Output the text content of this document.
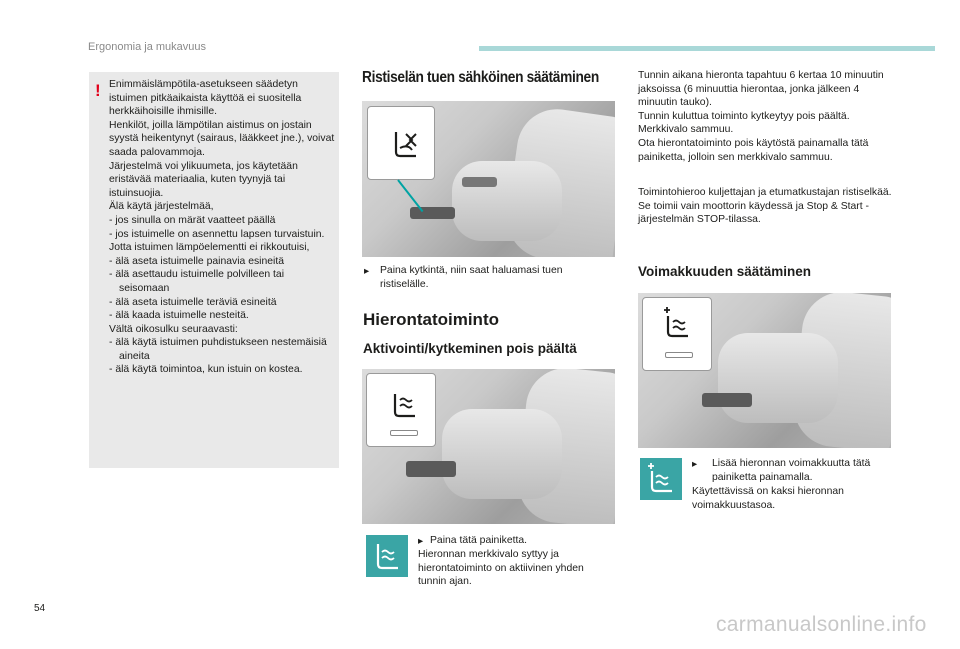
Ergonomia ja mukavuus
! Enimmäislämpötila-asetukseen säädetyn istuimen pitkäaikaista käyttöä ei suositella herkkäihoisille ihmisille.

Henkilöt, joilla lämpötilan aistimus on jostain syystä heikentynyt (sairaus, lääkkeet jne.), voivat saada palovammoja.

Järjestelmä voi ylikuumeta, jos käytetään eristävää materiaalia, kuten tyynyjä tai istuinsuojia.

Älä käytä järjestelmää,

- jos sinulla on märät vaatteet päällä

- jos istuimelle on asennettu lapsen turvaistuin.

Jotta istuimen lämpöelementti ei rikkoutuisi,

- älä aseta istuimelle painavia esineitä

- älä asettaudu istuimelle polvilleen tai seisomaan

- älä aseta istuimelle teräviä esineitä

- älä kaada istuimelle nesteitä.

Vältä oikosulku seuraavasti:

- älä käytä istuimen puhdistukseen nestemäisiä aineita

- älä käytä toimintoa, kun istuin on kostea.

Ristiselän tuen sähköinen säätäminen
▸ Paina kytkintä, niin saat haluamasi tuen ristiselälle.
Hierontatoiminto
Aktivointi/kytkeminen pois päältä
▸ Paina tätä painiketta.
Hieronnan merkkivalo syttyy ja hierontatoiminto on aktiivinen yhden tunnin ajan.

Tunnin aikana hieronta tapahtuu 6 kertaa 10 minuutin jaksoissa (6 minuuttia hierontaa, jonka jälkeen 4 minuutin tauko).

Tunnin kuluttua toiminto kytkeytyy pois päältä. Merkkivalo sammuu.

Ota hierontatoiminto pois käytöstä painamalla tätä painiketta, jolloin sen merkkivalo sammuu.

Toimintohieroo kuljettajan ja etumatkustajan ristiselkää. Se toimii vain moottorin käydessä ja Stop & Start -järjestelmän STOP-tilassa.
Voimakkuuden säätäminen
▸ Lisää hieronnan voimakkuutta tätä painiketta painamalla.
Käytettävissä on kaksi hieronnan voimakkuustasoa.
54
carmanualsonline.info
